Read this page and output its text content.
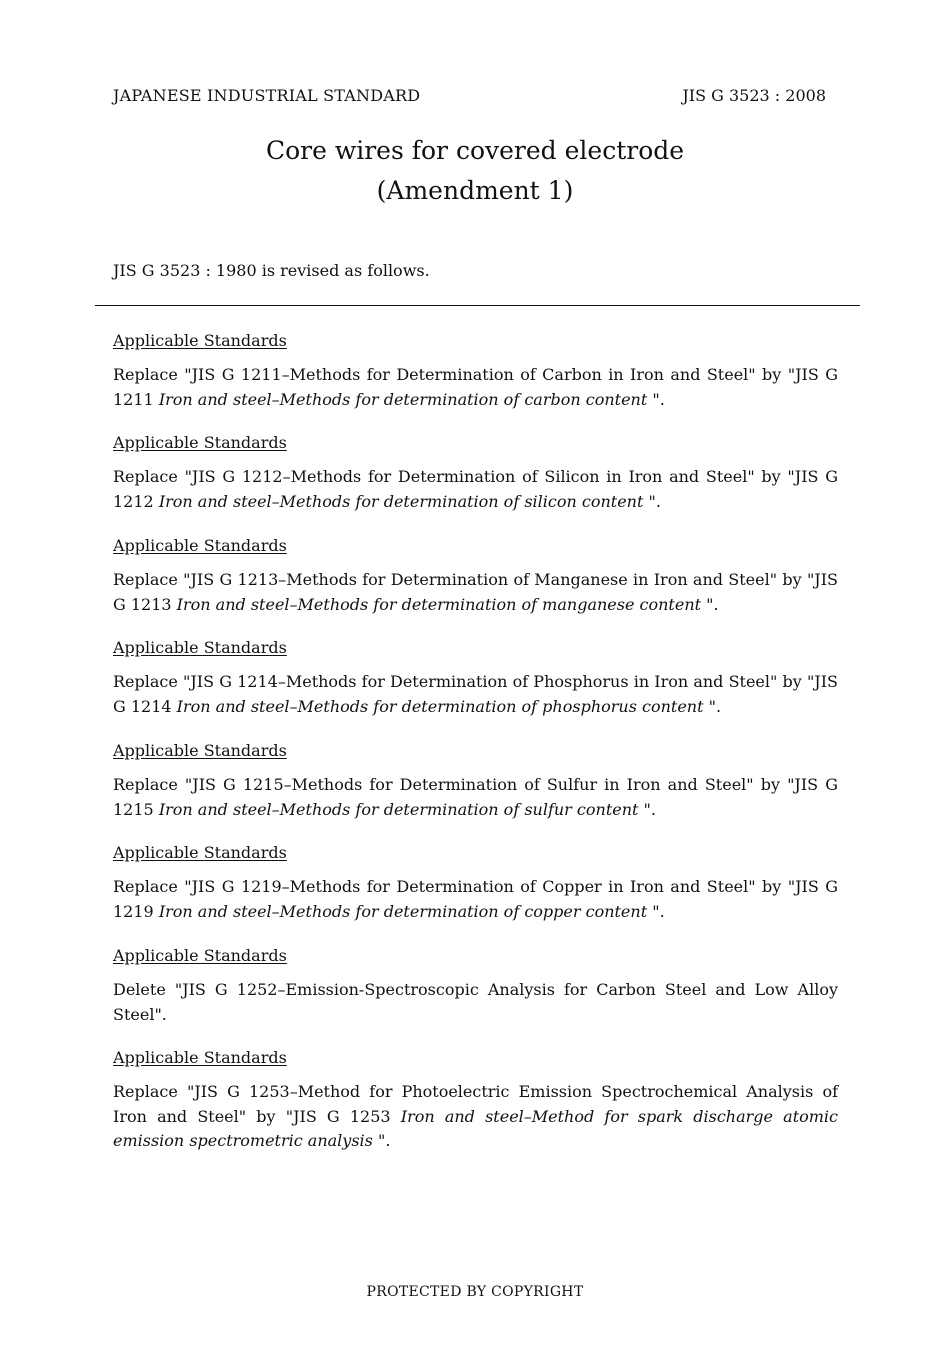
JAPANESE INDUSTRIAL STANDARD	JIS G 3523 : 2008
Core wires for covered electrode
(Amendment 1)
JIS G 3523 : 1980 is revised as follows.
Applicable Standards
Replace "JIS G 1211–Methods for Determination of Carbon in Iron and Steel" by "JIS G 1211 Iron and steel–Methods for determination of carbon content ".
Applicable Standards
Replace "JIS G 1212–Methods for Determination of Silicon in Iron and Steel" by "JIS G 1212 Iron and steel–Methods for determination of silicon content ".
Applicable Standards
Replace "JIS G 1213–Methods for Determination of Manganese in Iron and Steel" by "JIS G 1213 Iron and steel–Methods for determination of manganese content ".
Applicable Standards
Replace "JIS G 1214–Methods for Determination of Phosphorus in Iron and Steel" by "JIS G 1214 Iron and steel–Methods for determination of phosphorus content ".
Applicable Standards
Replace "JIS G 1215–Methods for Determination of Sulfur in Iron and Steel" by "JIS G 1215 Iron and steel–Methods for determination of sulfur content ".
Applicable Standards
Replace "JIS G 1219–Methods for Determination of Copper in Iron and Steel" by "JIS G 1219 Iron and steel–Methods for determination of copper content ".
Applicable Standards
Delete "JIS G 1252–Emission-Spectroscopic Analysis for Carbon Steel and Low Alloy Steel".
Applicable Standards
Replace "JIS G 1253–Method for Photoelectric Emission Spectrochemical Analysis of Iron and Steel" by "JIS G 1253 Iron and steel–Method for spark discharge atomic emission spectrometric analysis ".
PROTECTED BY COPYRIGHT
